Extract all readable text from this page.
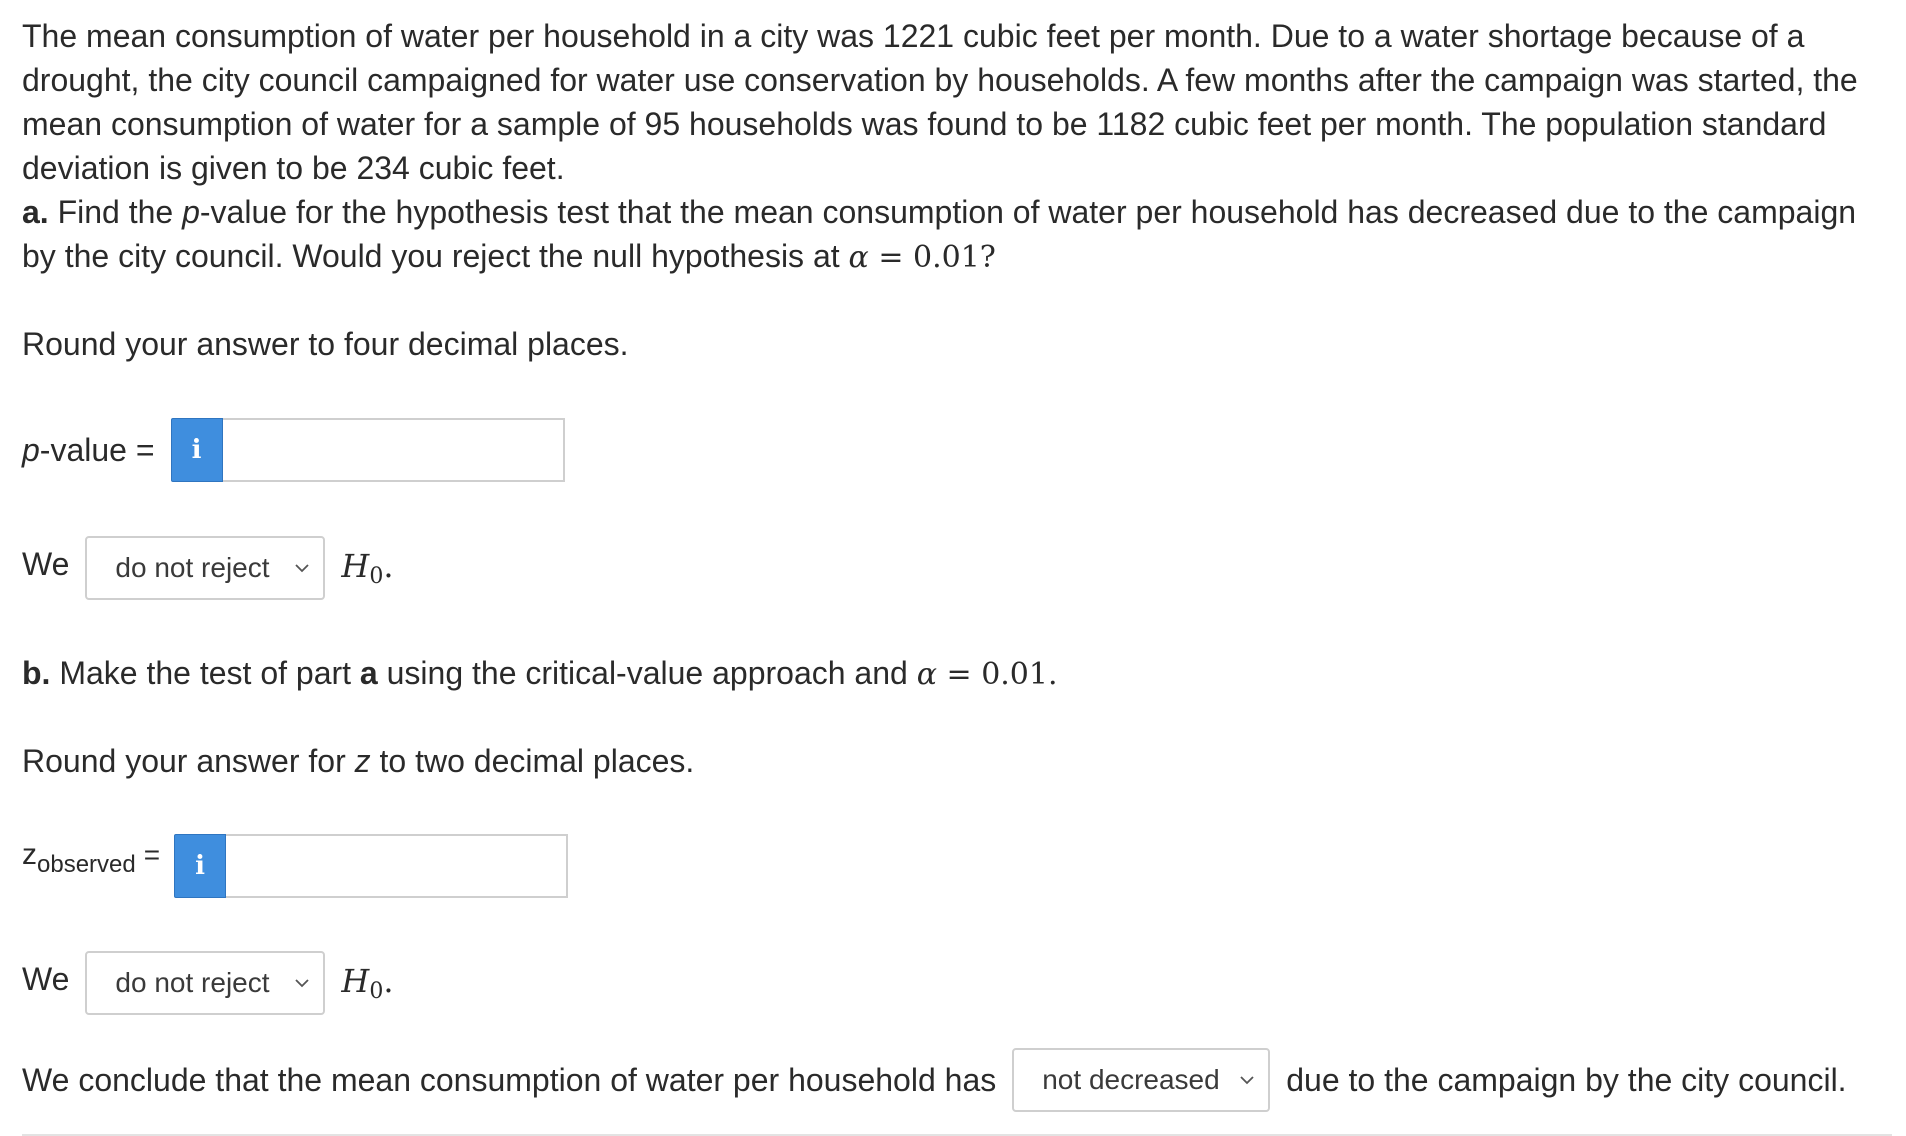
The mean consumption of water per household in a city was 1221 cubic feet per month. Due to a water shortage because of a drought, the city council campaigned for water use conservation by households. A few months after the campaign was started, the mean consumption of water for a sample of 95 households was found to be 1182 cubic feet per month. The population standard deviation is given to be 234 cubic feet.

a. Find the p-value for the hypothesis test that the mean consumption of water per household has decreased due to the campaign by the city council. Would you reject the null hypothesis at α = 0.01?

Round your answer to four decimal places.
p-value =	i
We do not reject $H_0$.
b. Make the test of part a using the critical-value approach and α = 0.01.
Round your answer for z to two decimal places.
$z_{observed}$ =	i
We do not reject $H_0$.
We conclude that the mean consumption of water per household has not decreased due to the campaign by the city council.
